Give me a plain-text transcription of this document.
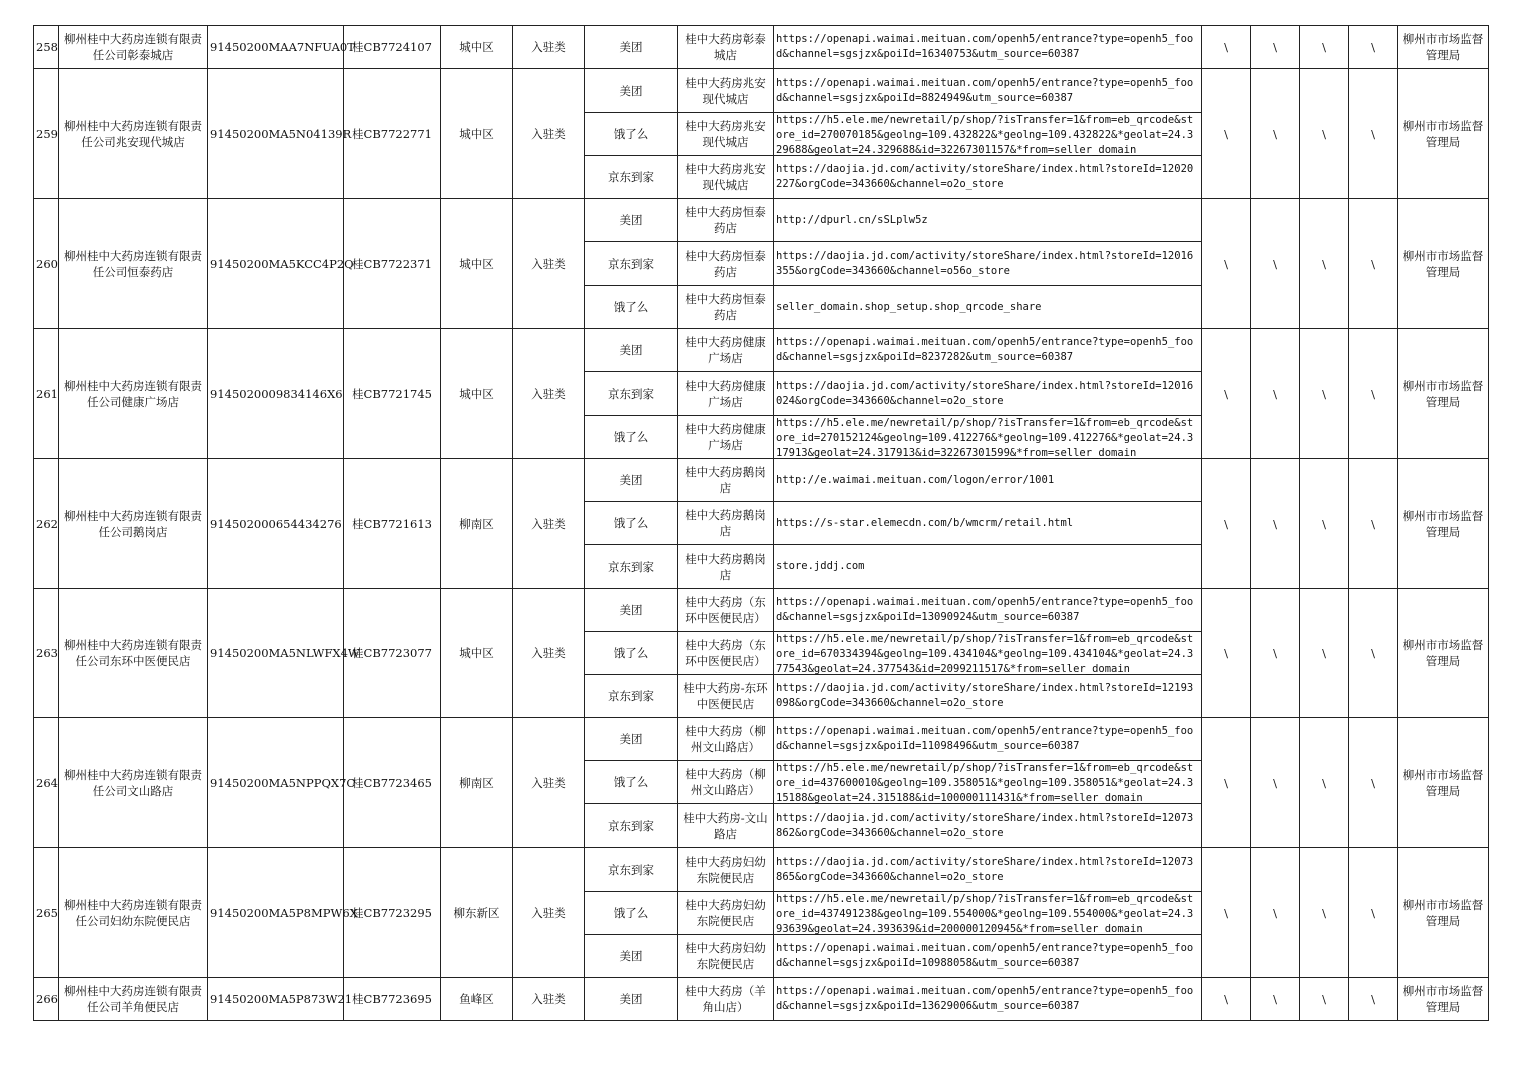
258	柳州桂中大药房连锁有限责任公司彰泰城店	91450200MAA7NFUA0T	桂CB7724107	城中区	入驻类	美团	桂中大药房彰泰城店	https://openapi.waimai.meituan.com/openh5/entrance?type=openh5_food&channel=sgsjzx&poiId=16340753&utm_source=60387	\	\	\	\	柳州市市场监督管理局
259	柳州桂中大药房连锁有限责任公司兆安现代城店	91450200MA5N04139R	桂CB7722771	城中区	入驻类	美团	桂中大药房兆安现代城店	https://openapi.waimai.meituan.com/openh5/entrance?type=openh5_food&channel=sgsjzx&poiId=8824949&utm_source=60387	\	\	\	\	柳州市市场监督管理局
						饿了么	桂中大药房兆安现代城店	https://h5.ele.me/newretail/p/shop/?isTransfer=1&from=eb_qrcode&store_id=270070185&geolng=109.432822&*geolng=109.432822&*geolat=24.329688&geolat=24.329688&id=32267301157&*from=seller_domain					

						京东到家	桂中大药房兆安现代城店	https://daojia.jd.com/activity/storeShare/index.html?storeId=12020227&orgCode=343660&channel=o2o_store					

260	柳州桂中大药房连锁有限责任公司恒泰药店	91450200MA5KCC4P2Q	桂CB7722371	城中区	入驻类	美团	桂中大药房恒泰药店	http://dpurl.cn/sSLplw5z	\	\	\	\	柳州市市场监督管理局
						京东到家	桂中大药房恒泰药店	https://daojia.jd.com/activity/storeShare/index.html?storeId=12016355&orgCode=343660&channel=o56o_store					

						饿了么	桂中大药房恒泰药店	seller_domain.shop_setup.shop_qrcode_share					

261	柳州桂中大药房连锁有限责任公司健康广场店	9145020009834146X6	桂CB7721745	城中区	入驻类	美团	桂中大药房健康广场店	https://openapi.waimai.meituan.com/openh5/entrance?type=openh5_food&channel=sgsjzx&poiId=8237282&utm_source=60387	\	\	\	\	柳州市市场监督管理局
						京东到家	桂中大药房健康广场店	https://daojia.jd.com/activity/storeShare/index.html?storeId=12016024&orgCode=343660&channel=o2o_store					

						饿了么	桂中大药房健康广场店	https://h5.ele.me/newretail/p/shop/?isTransfer=1&from=eb_qrcode&store_id=270152124&geolng=109.412276&*geolng=109.412276&*geolat=24.317913&geolat=24.317913&id=32267301599&*from=seller_domain					

262	柳州桂中大药房连锁有限责任公司鹅岗店	914502000654434276	桂CB7721613	柳南区	入驻类	美团	桂中大药房鹅岗店	http://e.waimai.meituan.com/logon/error/1001	\	\	\	\	柳州市市场监督管理局
						饿了么	桂中大药房鹅岗店	https://s-star.elemecdn.com/b/wmcrm/retail.html					

						京东到家	桂中大药房鹅岗店	store.jddj.com					

263	柳州桂中大药房连锁有限责任公司东环中医便民店	91450200MA5NLWFX4W	桂CB7723077	城中区	入驻类	美团	桂中大药房（东环中医便民店）	https://openapi.waimai.meituan.com/openh5/entrance?type=openh5_food&channel=sgsjzx&poiId=13090924&utm_source=60387	\	\	\	\	柳州市市场监督管理局
						饿了么	桂中大药房（东环中医便民店）	https://h5.ele.me/newretail/p/shop/?isTransfer=1&from=eb_qrcode&store_id=670334394&geolng=109.434104&*geolng=109.434104&*geolat=24.377543&geolat=24.377543&id=2099211517&*from=seller_domain					

						京东到家	桂中大药房-东环中医便民店	https://daojia.jd.com/activity/storeShare/index.html?storeId=12193098&orgCode=343660&channel=o2o_store					

264	柳州桂中大药房连锁有限责任公司文山路店	91450200MA5NPPQX7C	桂CB7723465	柳南区	入驻类	美团	桂中大药房（柳州文山路店）	https://openapi.waimai.meituan.com/openh5/entrance?type=openh5_food&channel=sgsjzx&poiId=11098496&utm_source=60387	\	\	\	\	柳州市市场监督管理局
						饿了么	桂中大药房（柳州文山路店）	https://h5.ele.me/newretail/p/shop/?isTransfer=1&from=eb_qrcode&store_id=437600010&geolng=109.358051&*geolng=109.358051&*geolat=24.315188&geolat=24.315188&id=100000111431&*from=seller_domain					

						京东到家	桂中大药房-文山路店	https://daojia.jd.com/activity/storeShare/index.html?storeId=12073862&orgCode=343660&channel=o2o_store					

265	柳州桂中大药房连锁有限责任公司妇幼东院便民店	91450200MA5P8MPW6X	桂CB7723295	柳东新区	入驻类	京东到家	桂中大药房妇幼东院便民店	https://daojia.jd.com/activity/storeShare/index.html?storeId=12073865&orgCode=343660&channel=o2o_store	\	\	\	\	柳州市市场监督管理局
						饿了么	桂中大药房妇幼东院便民店	https://h5.ele.me/newretail/p/shop/?isTransfer=1&from=eb_qrcode&store_id=437491238&geolng=109.554000&*geolng=109.554000&*geolat=24.393639&geolat=24.393639&id=200000120945&*from=seller_domain					

						美团	桂中大药房妇幼东院便民店	https://openapi.waimai.meituan.com/openh5/entrance?type=openh5_food&channel=sgsjzx&poiId=10988058&utm_source=60387					

266	柳州桂中大药房连锁有限责任公司羊角便民店	91450200MA5P873W21	桂CB7723695	鱼峰区	入驻类	美团	桂中大药房（羊角山店）	https://openapi.waimai.meituan.com/openh5/entrance?type=openh5_food&channel=sgsjzx&poiId=13629006&utm_source=60387	\	\	\	\	柳州市市场监督管理局
